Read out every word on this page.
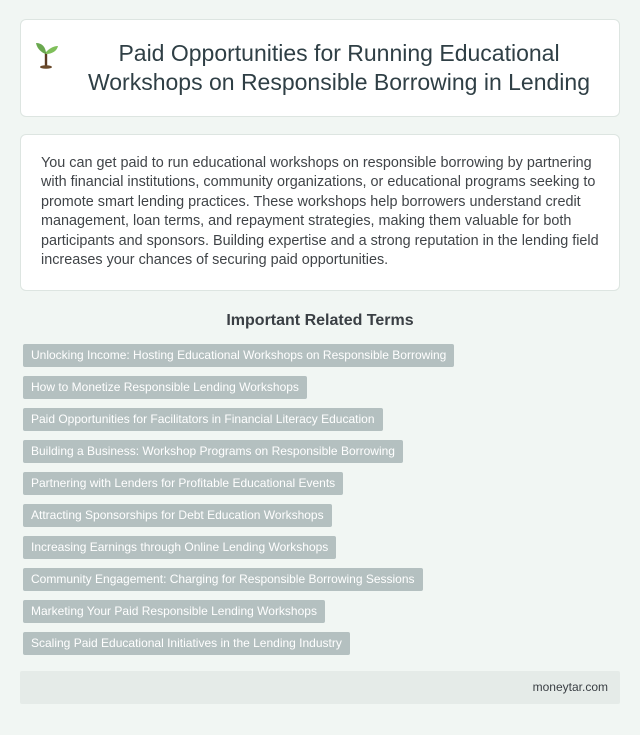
Paid Opportunities for Running Educational Workshops on Responsible Borrowing in Lending

You can get paid to run educational workshops on responsible borrowing by partnering with financial institutions, community organizations, or educational programs seeking to promote smart lending practices. These workshops help borrowers understand credit management, loan terms, and repayment strategies, making them valuable for both participants and sponsors. Building expertise and a strong reputation in the lending field increases your chances of securing paid opportunities.

Important Related Terms
Unlocking Income: Hosting Educational Workshops on Responsible Borrowing
How to Monetize Responsible Lending Workshops
Paid Opportunities for Facilitators in Financial Literacy Education
Building a Business: Workshop Programs on Responsible Borrowing
Partnering with Lenders for Profitable Educational Events
Attracting Sponsorships for Debt Education Workshops
Increasing Earnings through Online Lending Workshops
Community Engagement: Charging for Responsible Borrowing Sessions
Marketing Your Paid Responsible Lending Workshops
Scaling Paid Educational Initiatives in the Lending Industry
moneytar.com
